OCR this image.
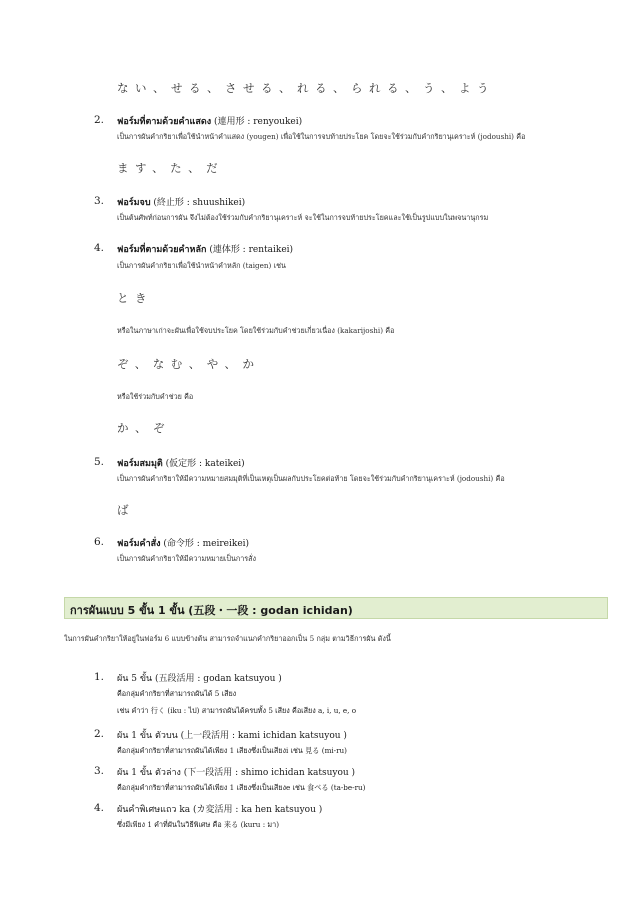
ない、せる、させる、れる、られる、う、よう
2. ฟอร์มที่ตามด้วยคำแสดง (連用形 : renyoukei)
เป็นการผันคำกริยาเพื่อใช้นำหน้าคำแสดง (yougen) เพื่อใช้ในการจบท้ายประโยค โดยจะใช้ร่วมกับคำกริยานุเคราะห์ (jodoushi) คือ
ます、た、だ
3. ฟอร์มจบ (終止形 : shuushikei)
เป็นต้นศัพท์ก่อนการผัน จึงไม่ต้องใช้ร่วมกับคำกริยานุเคราะห์ จะใช้ในการจบท้ายประโยคและใช้เป็นรูปแบบในพจนานุกรม
4. ฟอร์มที่ตามด้วยคำหลัก (連体形 : rentaikei)
เป็นการผันคำกริยาเพื่อใช้นำหน้าคำหลัก (taigen) เช่น
とき
หรือในภาษาเก่าจะผันเพื่อใช้จบประโยค โดยใช้ร่วมกับคำช่วยเกี่ยวเนื่อง (kakarijoshi) คือ
ぞ、なむ、や、か
หรือใช้ร่วมกับคำช่วย คือ
か、ぞ
5. ฟอร์มสมมุติ (仮定形 : kateikei)
เป็นการผันคำกริยาให้มีความหมายสมมุติที่เป็นเหตุเป็นผลกับประโยคต่อท้าย โดยจะใช้ร่วมกับคำกริยานุเคราะห์ (jodoushi) คือ
ば
6. ฟอร์มคำสั่ง (命令形 : meireikei)
เป็นการผันคำกริยาให้มีความหมายเป็นการสั่ง
การผันแบบ 5 ขั้น 1 ขั้น (五段・一段 : godan ichidan)
ในการผันคำกริยาให้อยู่ในฟอร์ม 6 แบบข้างต้น สามารถจำแนกคำกริยาออกเป็น 5 กลุ่ม ตามวิธีการผัน ดังนี้
1. ผัน 5 ขั้น (五段活用 : godan katsuyou )
คือกลุ่มคำกริยาที่สามารถผันได้ 5 เสียง
เช่น คำว่า 行く (iku : ไป) สามารถผันได้ครบทั้ง 5 เสียง คือเสียง a, i, u, e, o
2. ผัน 1 ขั้น ตัวบน (上一段活用 : kami ichidan katsuyou )
คือกลุ่มคำกริยาที่สามารถผันได้เพียง 1 เสียงซึ่งเป็นเสียงi เช่น 見る (mi-ru)
3. ผัน 1 ขั้น ตัวล่าง (下一段活用 : shimo ichidan katsuyou )
คือกลุ่มคำกริยาที่สามารถผันได้เพียง 1 เสียงซึ่งเป็นเสียงe เช่น 食べる (ta-be-ru)
4. ผันคำพิเศษแถว ka (カ変活用 : ka hen katsuyou )
ซึ่งมีเพียง 1 คำที่ผันในวิธีพิเศษ คือ 来る (kuru : มา)
